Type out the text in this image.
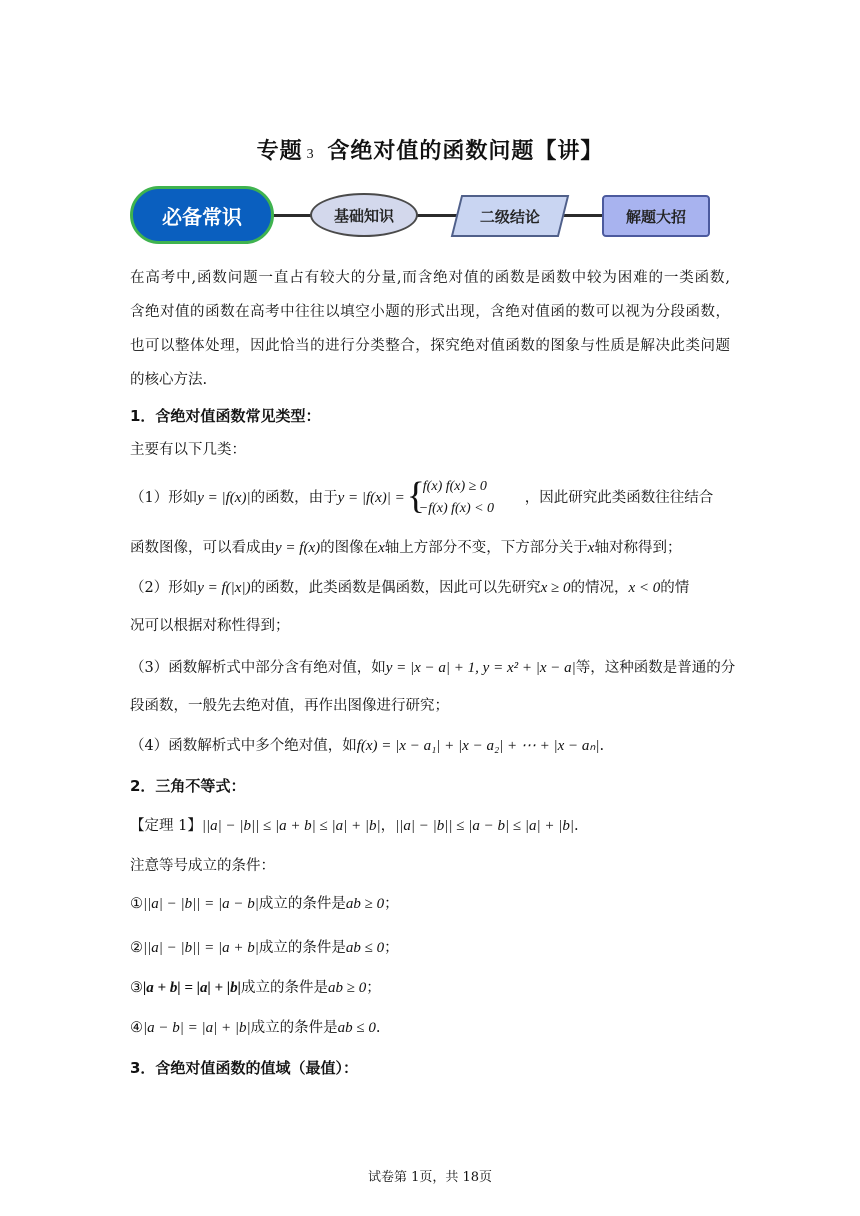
专题 3 含绝对值的函数问题【讲】
必备常识	基础知识	二级结论	解题大招
在高考中,函数问题一直占有较大的分量,而含绝对值的函数是函数中较为困难的一类函数,
含绝对值的函数在高考中往往以填空小题的形式出现，含绝对值函的数可以视为分段函数，
也可以整体处理，因此恰当的进行分类整合，探究绝对值函数的图象与性质是解决此类问题
的核心方法.
1．含绝对值函数常见类型：
主要有以下几类：
（1）形如y = |f(x)|的函数，由于y = |f(x)| = {
f(x) f(x) ≥ 0
−f(x) f(x) < 0
，因此研究此类函数往往结合
函数图像，可以看成由y = f(x)的图像在x轴上方部分不变，下方部分关于x轴对称得到；
（2）形如y = f(|x|)的函数，此类函数是偶函数，因此可以先研究x ≥ 0的情况，x < 0的情
况可以根据对称性得到；
（3）函数解析式中部分含有绝对值，如y = |x − a| + 1, y = x² + |x − a|等，这种函数是普通的分
段函数，一般先去绝对值，再作出图像进行研究；
（4）函数解析式中多个绝对值，如f(x) = |x − a₁| + |x − a₂| + ⋯ + |x − aₙ|.
2．三角不等式：
【定理 1】||a| − |b|| ≤ |a + b| ≤ |a| + |b|，||a| − |b|| ≤ |a − b| ≤ |a| + |b|.
注意等号成立的条件：
①||a| − |b|| = |a − b|成立的条件是ab ≥ 0；
②||a| − |b|| = |a + b|成立的条件是ab ≤ 0；
③|a + b| = |a| + |b|成立的条件是ab ≥ 0；
④|a − b| = |a| + |b|成立的条件是ab ≤ 0.
3．含绝对值函数的值域（最值）：
试卷第 1页，共 18页
